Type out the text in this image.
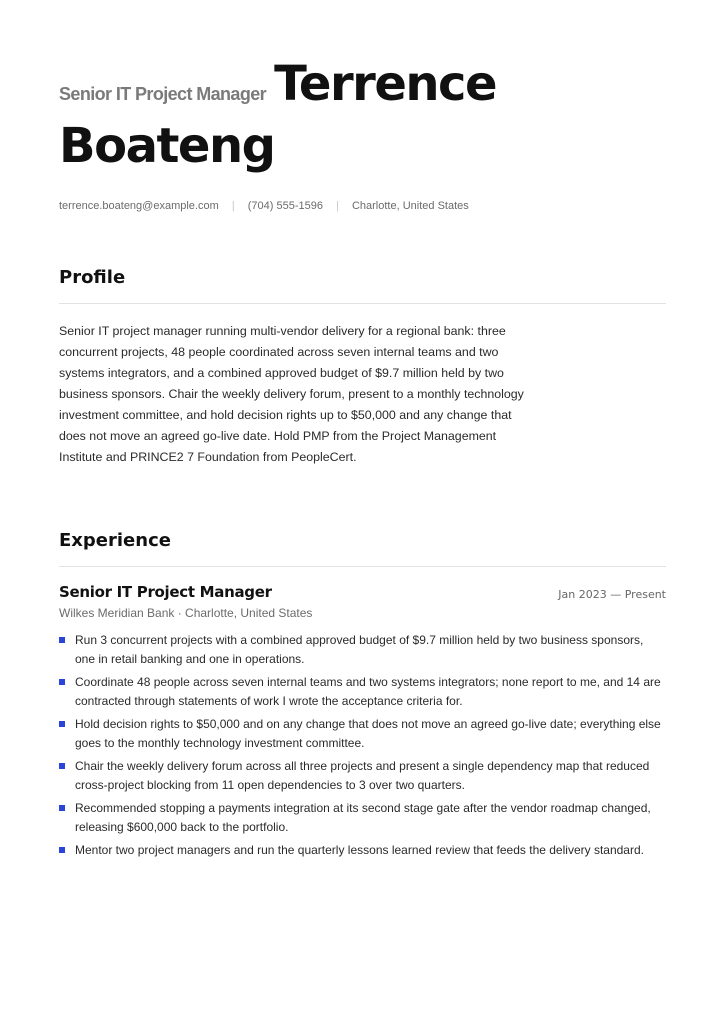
Senior IT Project Manager Terrence
Boateng
terrence.boateng@example.com | (704) 555-1596 | Charlotte, United States
Profile
Senior IT project manager running multi-vendor delivery for a regional bank: three concurrent projects, 48 people coordinated across seven internal teams and two systems integrators, and a combined approved budget of $9.7 million held by two business sponsors. Chair the weekly delivery forum, present to a monthly technology investment committee, and hold decision rights up to $50,000 and any change that does not move an agreed go-live date. Hold PMP from the Project Management Institute and PRINCE2 7 Foundation from PeopleCert.
Experience
Senior IT Project Manager	Jan 2023 — Present
Wilkes Meridian Bank · Charlotte, United States
Run 3 concurrent projects with a combined approved budget of $9.7 million held by two business sponsors, one in retail banking and one in operations.
Coordinate 48 people across seven internal teams and two systems integrators; none report to me, and 14 are contracted through statements of work I wrote the acceptance criteria for.
Hold decision rights to $50,000 and on any change that does not move an agreed go-live date; everything else goes to the monthly technology investment committee.
Chair the weekly delivery forum across all three projects and present a single dependency map that reduced cross-project blocking from 11 open dependencies to 3 over two quarters.
Recommended stopping a payments integration at its second stage gate after the vendor roadmap changed, releasing $600,000 back to the portfolio.
Mentor two project managers and run the quarterly lessons learned review that feeds the delivery standard.
